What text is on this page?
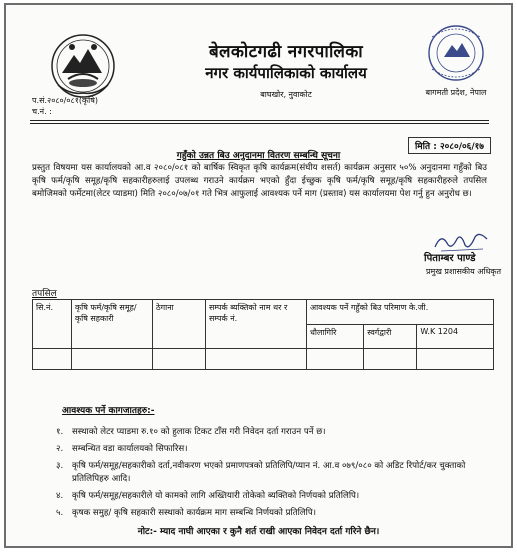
बेलकोटगढी नगरपालिका
नगर कार्यपालिकाको कार्यालय
बाघखोर, नुवाकोट	बागमती प्रदेश, नेपाल
प.सं.२०८०/०८१(कृषि)
च.नं. :
मिति : २०८०/०६/१७
गहुँको उन्नत बिउ अनुदानमा वितरण सम्बन्धि सूचना
प्रस्तुत विषयमा यस कार्यालयको आ.व २०८०/०८१ को बार्षिक स्विकृत कृषि कार्यक्रम(संघीय शसर्त) कार्यक्रम अनुसार ५०% अनुदानमा गहुँको बिउ कृषि फर्म/कृषि समूह/कृषि सहकारीहरुलाई उपलब्ध गराउने कार्यक्रम भएको हुँदा ईच्छुक कृषि फर्म/कृषि समूह/कृषि सहकारीहरुले तपसिल बमोजिमको फर्मेटमा(लेटर प्याडमा) मिति २०८०/०७/०१ गते भित्र आफुलाई आवश्यक पर्ने माग (प्रस्ताव) यस कार्यालयमा पेश गर्नु हुन अनुरोध छ।
पिताम्बर पाण्डे
प्रमुख प्रशासकीय अधिकृत
तपसिल
सि.नं.	कृषि फर्म/कृषि समूह/कृषि सहकारी	ठेगाना	सम्पर्क ब्यक्तिको नाम थर र सम्पर्क नं.	आवश्यक पर्ने गहुँको बिउ परिमाण के.जी.		
				धौलागिरि	स्वर्गद्वारी	W.K 1204

आवश्यक पर्ने कागजातहरु:-
१.	सस्थाको लेटर प्याडमा रु.१० को हुलाक टिकट टाँस गरी निवेदन दर्ता गराउन पर्ने छ।
२.	सम्बन्धित वडा कार्यालयको सिफारिस।
३.	कृषि फर्म/समूह/सहकारीको दर्ता,नवीकरण भएको प्रमाणपत्रको प्रतिलिपि/प्यान नं. आ.व ०७९/०८० को अडिट रिपोर्ट/कर चुक्ताको प्रतिलिपिहरु आदि।
४.	कृषि फर्म/समूह/सहकारीले यो कामको लागि अख्तियारी तोकेको ब्यक्तिको निर्णयको प्रतिलिपि।
५.	कृषक समुह/ कृषि सहकारी सस्थाको कार्यक्रम माग सम्बन्धि निर्णयको प्रतिलिपि।
नोट:- म्याद नाघी आएका र कुनै शर्त राखी आएका निवेदन दर्ता गरिने छैन।
